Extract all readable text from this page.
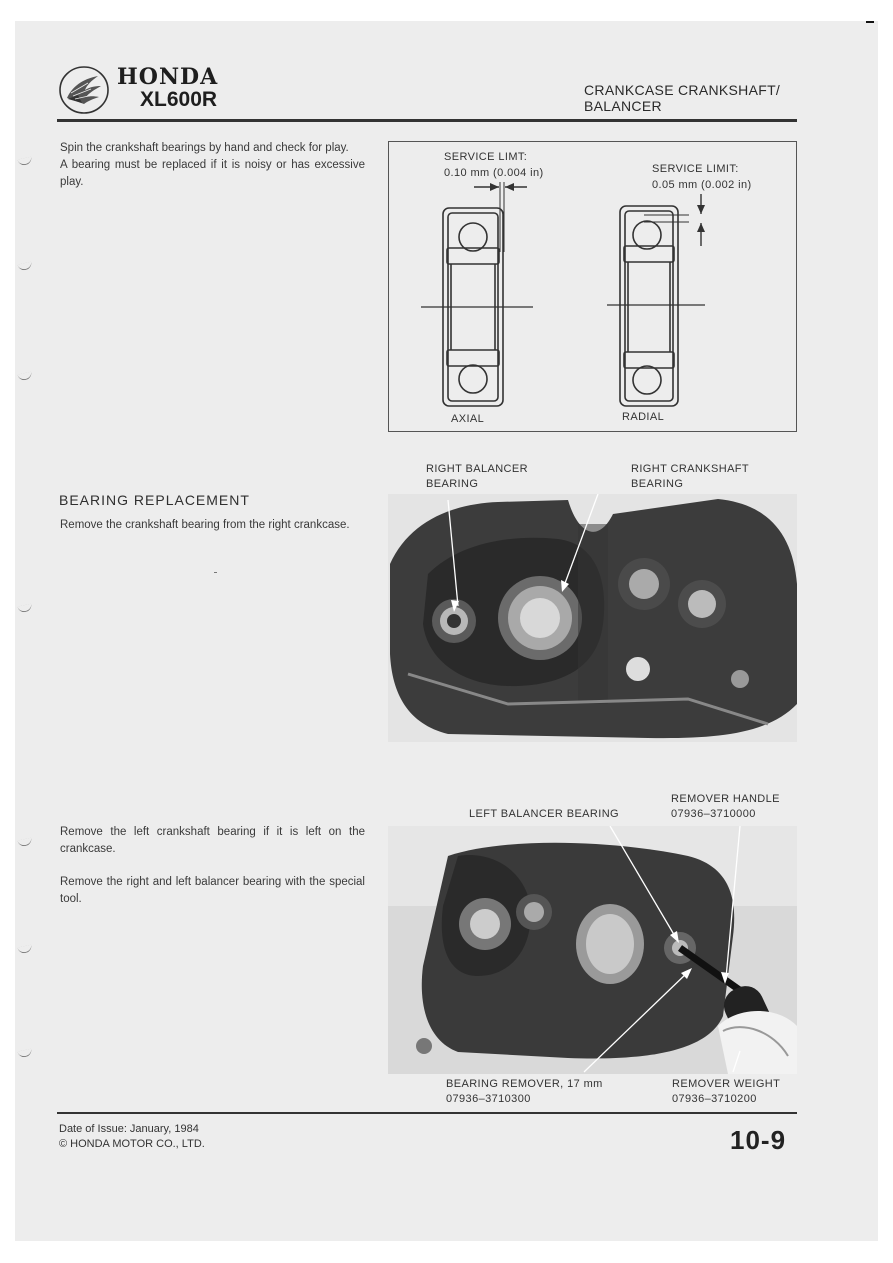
HONDA
XL600R	CRANKCASE CRANKSHAFT/
BALANCER
Spin the crankshaft bearings by hand and check for play.
A bearing must be replaced if it is noisy or has excessive play.
SERVICE LIMT:
0.10 mm (0.004 in)	SERVICE LIMIT:
0.05 mm (0.002 in)
AXIAL	RADIAL
BEARING REPLACEMENT
Remove the crankshaft bearing from the right crankcase.
RIGHT BALANCER
BEARING
RIGHT CRANKSHAFT
BEARING
Remove the left crankshaft bearing if it is left on the crankcase.
Remove the right and left balancer bearing with the special tool.
REMOVER HANDLE
07936–3710000
LEFT BALANCER BEARING
BEARING REMOVER, 17 mm
07936–3710300
REMOVER WEIGHT
07936–3710200
Date of Issue: January, 1984
© HONDA MOTOR CO., LTD.	10-9
